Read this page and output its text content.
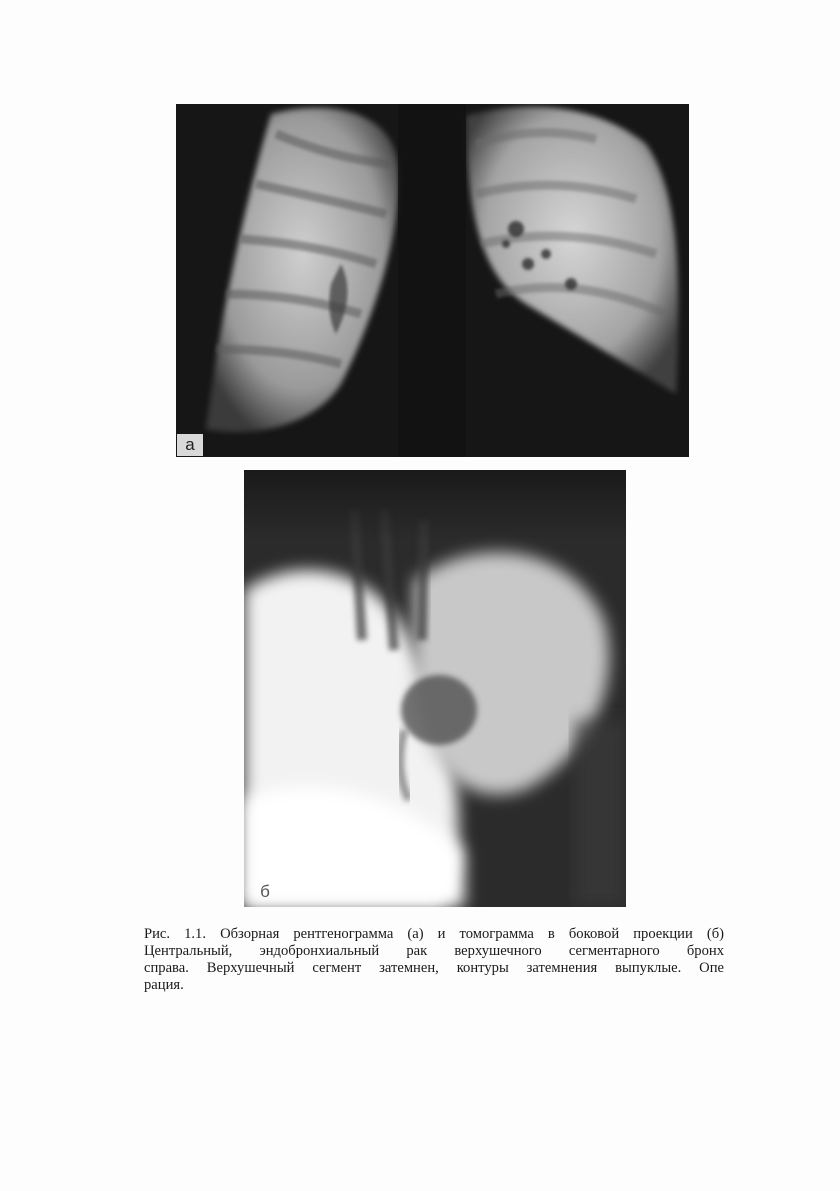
а
б
Рис. 1.1. Обзорная рентгенограмма (а) и томограмма в боковой проекции (б)
Центральный, эндобронхиальный рак верхушечного сегментарного бронх
справа. Верхушечный сегмент затемнен, контуры затемнения выпуклые. Опе
рация.
